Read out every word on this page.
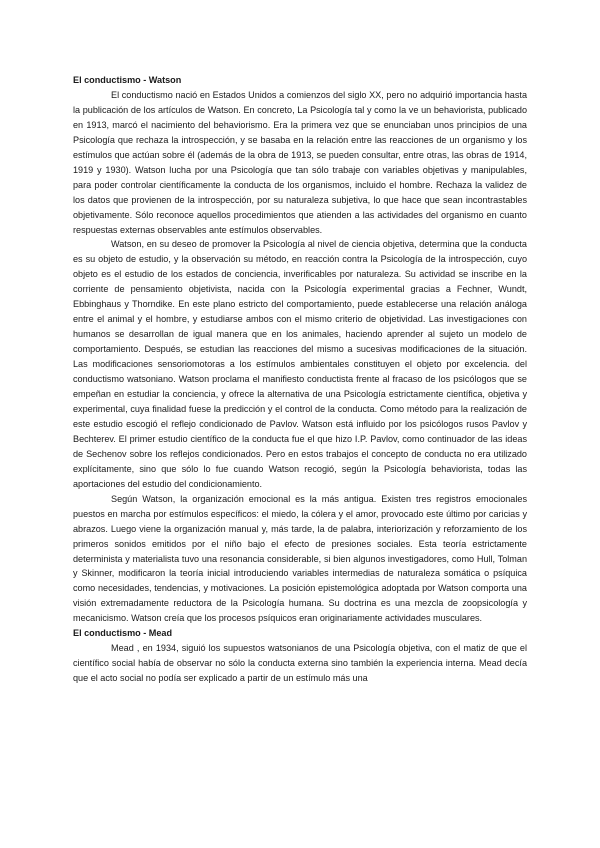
El conductismo - Watson

El conductismo nació en Estados Unidos a comienzos del siglo XX, pero no adquirió importancia hasta la publicación de los artículos de Watson. En concreto, La Psicología tal y como la ve un behaviorista, publicado en 1913, marcó el nacimiento del behaviorismo. Era la primera vez que se enunciaban unos principios de una Psicología que rechaza la introspección, y se basaba en la relación entre las reacciones de un organismo y los estímulos que actúan sobre él (además de la obra de 1913, se pueden consultar, entre otras, las obras de 1914, 1919 y 1930). Watson lucha por una Psicología que tan sólo trabaje con variables objetivas y manipulables, para poder controlar científicamente la conducta de los organismos, incluido el hombre. Rechaza la validez de los datos que provienen de la introspección, por su naturaleza subjetiva, lo que hace que sean incontrastables objetivamente. Sólo reconoce aquellos procedimientos que atienden a las actividades del organismo en cuanto respuestas externas observables ante estímulos observables.

Watson, en su deseo de promover la Psicología al nivel de ciencia objetiva, determina que la conducta es su objeto de estudio, y la observación su método, en reacción contra la Psicología de la introspección, cuyo objeto es el estudio de los estados de conciencia, inverificables por naturaleza. Su actividad se inscribe en la corriente de pensamiento objetivista, nacida con la Psicología experimental gracias a Fechner, Wundt, Ebbinghaus y Thorndike. En este plano estricto del comportamiento, puede establecerse una relación análoga entre el animal y el hombre, y estudiarse ambos con el mismo criterio de objetividad. Las investigaciones con humanos se desarrollan de igual manera que en los animales, haciendo aprender al sujeto un modelo de comportamiento. Después, se estudian las reacciones del mismo a sucesivas modificaciones de la situación. Las modificaciones sensoriomotoras a los estímulos ambientales constituyen el objeto por excelencia. del conductismo watsoniano. Watson proclama el manifiesto conductista frente al fracaso de los psicólogos que se empeñan en estudiar la conciencia, y ofrece la alternativa de una Psicología estrictamente científica, objetiva y experimental, cuya finalidad fuese la predicción y el control de la conducta. Como método para la realización de este estudio escogió el reflejo condicionado de Pavlov. Watson está influido por los psicólogos rusos Pavlov y Bechterev. El primer estudio científico de la conducta fue el que hizo I.P. Pavlov, como continuador de las ideas de Sechenov sobre los reflejos condicionados. Pero en estos trabajos el concepto de conducta no era utilizado explícitamente, sino que sólo lo fue cuando Watson recogió, según la Psicología behaviorista, todas las aportaciones del estudio del condicionamiento.

Según Watson, la organización emocional es la más antigua. Existen tres registros emocionales puestos en marcha por estímulos específicos: el miedo, la cólera y el amor, provocado este último por caricias y abrazos. Luego viene la organización manual y, más tarde, la de palabra, interiorización y reforzamiento de los primeros sonidos emitidos por el niño bajo el efecto de presiones sociales. Esta teoría estrictamente determinista y materialista tuvo una resonancia considerable, si bien algunos investigadores, como Hull, Tolman y Skinner, modificaron la teoría inicial introduciendo variables intermedias de naturaleza somática o psíquica como necesidades, tendencias, y motivaciones. La posición epistemológica adoptada por Watson comporta una visión extremadamente reductora de la Psicología humana. Su doctrina es una mezcla de zoopsicología y mecanicismo. Watson creía que los procesos psíquicos eran originariamente actividades musculares.

El conductismo - Mead

Mead , en 1934, siguió los supuestos watsonianos de una Psicología objetiva, con el matiz de que el científico social había de observar no sólo la conducta externa sino también la experiencia interna. Mead decía que el acto social no podía ser explicado a partir de un estímulo más una
